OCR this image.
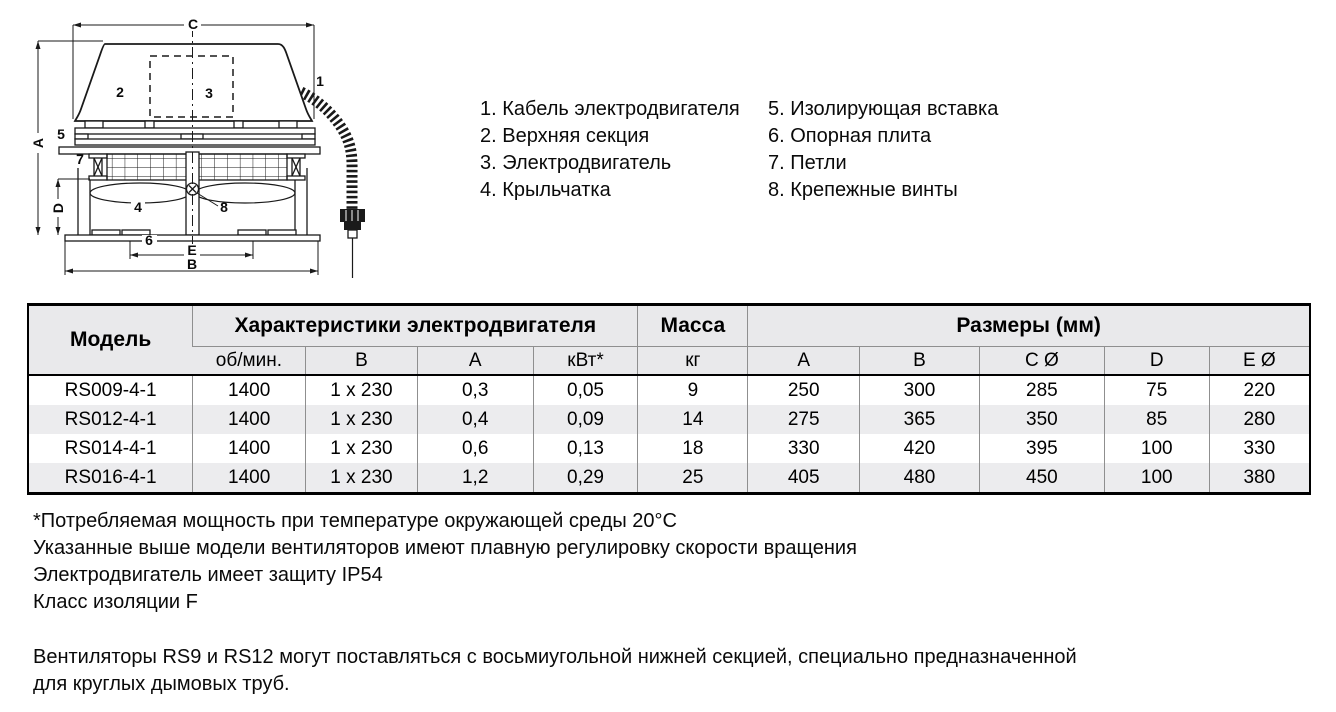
C
A
D
E
B
1
2	3
4
5
6
7
8
1. Кабель электродвигателя
2. Верхняя секция
3. Электродвигатель
4. Крыльчатка
5. Изолирующая вставка
6. Опорная плита
7. Петли
8. Крепежные винты
Модель	Характеристики электродвигателя				Масса	Размеры (мм)				
	об/мин.	В	А	кВт*	кг	A	B	C Ø	D	E Ø
RS009-4-1	1400	1 x 230	0,3	0,05	9	250	300	285	75	220
RS012-4-1	1400	1 x 230	0,4	0,09	14	275	365	350	85	280
RS014-4-1	1400	1 x 230	0,6	0,13	18	330	420	395	100	330
RS016-4-1	1400	1 x 230	1,2	0,29	25	405	480	450	100	380

*Потребляемая мощность при температуре окружающей среды 20°С

Указанные выше модели вентиляторов имеют плавную регулировку скорости вращения

Электродвигатель имеет защиту IP54

Класс изоляции F

Вентиляторы RS9 и RS12 могут поставляться с восьмиугольной нижней секцией, специально предназначенной для круглых дымовых труб.
